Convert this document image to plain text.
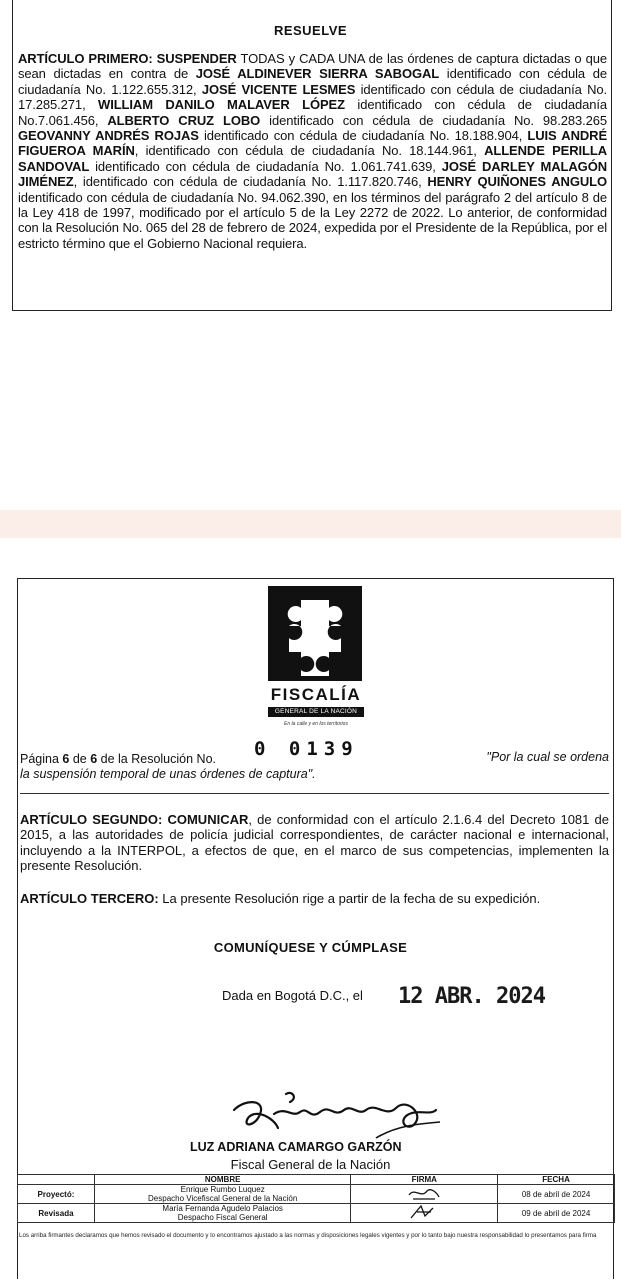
RESUELVE
ARTÍCULO PRIMERO: SUSPENDER TODAS y CADA UNA de las órdenes de captura dictadas o que sean dictadas en contra de JOSÉ ALDINEVER SIERRA SABOGAL identificado con cédula de ciudadanía No. 1.122.655.312, JOSÉ VICENTE LESMES identificado con cédula de ciudadanía No. 17.285.271, WILLIAM DANILO MALAVER LÓPEZ identificado con cédula de ciudadanía No.7.061.456, ALBERTO CRUZ LOBO identificado con cédula de ciudadanía No. 98.283.265 GEOVANNY ANDRÉS ROJAS identificado con cédula de ciudadanía No. 18.188.904, LUIS ANDRÉ FIGUEROA MARÍN, identificado con cédula de ciudadanía No. 18.144.961, ALLENDE PERILLA SANDOVAL identificado con cédula de ciudadanía No. 1.061.741.639, JOSÉ DARLEY MALAGÓN JIMÉNEZ, identificado con cédula de ciudadanía No. 1.117.820.746, HENRY QUIÑONES ANGULO identificado con cédula de ciudadanía No. 94.062.390, en los términos del parágrafo 2 del artículo 8 de la Ley 418 de 1997, modificado por el artículo 5 de la Ley 2272 de 2022. Lo anterior, de conformidad con la Resolución No. 065 del 28 de febrero de 2024, expedida por el Presidente de la República, por el estricto término que el Gobierno Nacional requiera.
FISCALÍA
GENERAL DE LA NACIÓN
En la calle y en los territorios
Página 6 de 6 de la Resolución No. 0 0139	"Por la cual se ordena
la suspensión temporal de unas órdenes de captura".
ARTÍCULO SEGUNDO: COMUNICAR, de conformidad con el artículo 2.1.6.4 del Decreto 1081 de 2015, a las autoridades de policía judicial correspondientes, de carácter nacional e internacional, incluyendo a la INTERPOL, a efectos de que, en el marco de sus competencias, implementen la presente Resolución.
ARTÍCULO TERCERO: La presente Resolución rige a partir de la fecha de su expedición.
COMUNÍQUESE Y CÚMPLASE
Dada en Bogotá D.C., el 12 ABR. 2024
LUZ ADRIANA CAMARGO GARZÓN
Fiscal General de la Nación
	NOMBRE	FIRMA	FECHA
Proyectó:	Enrique Rumbo Luquez
Despacho Vicefiscal General de la Nación		08 de abril de 2024
Revisada	María Fernanda Agudelo Palacios
Despacho Fiscal General		09 de abril de 2024
Los arriba firmantes declaramos que hemos revisado el documento y lo encontramos ajustado a las normas y disposiciones legales vigentes y por lo tanto bajo nuestra responsabilidad lo presentamos para firma
